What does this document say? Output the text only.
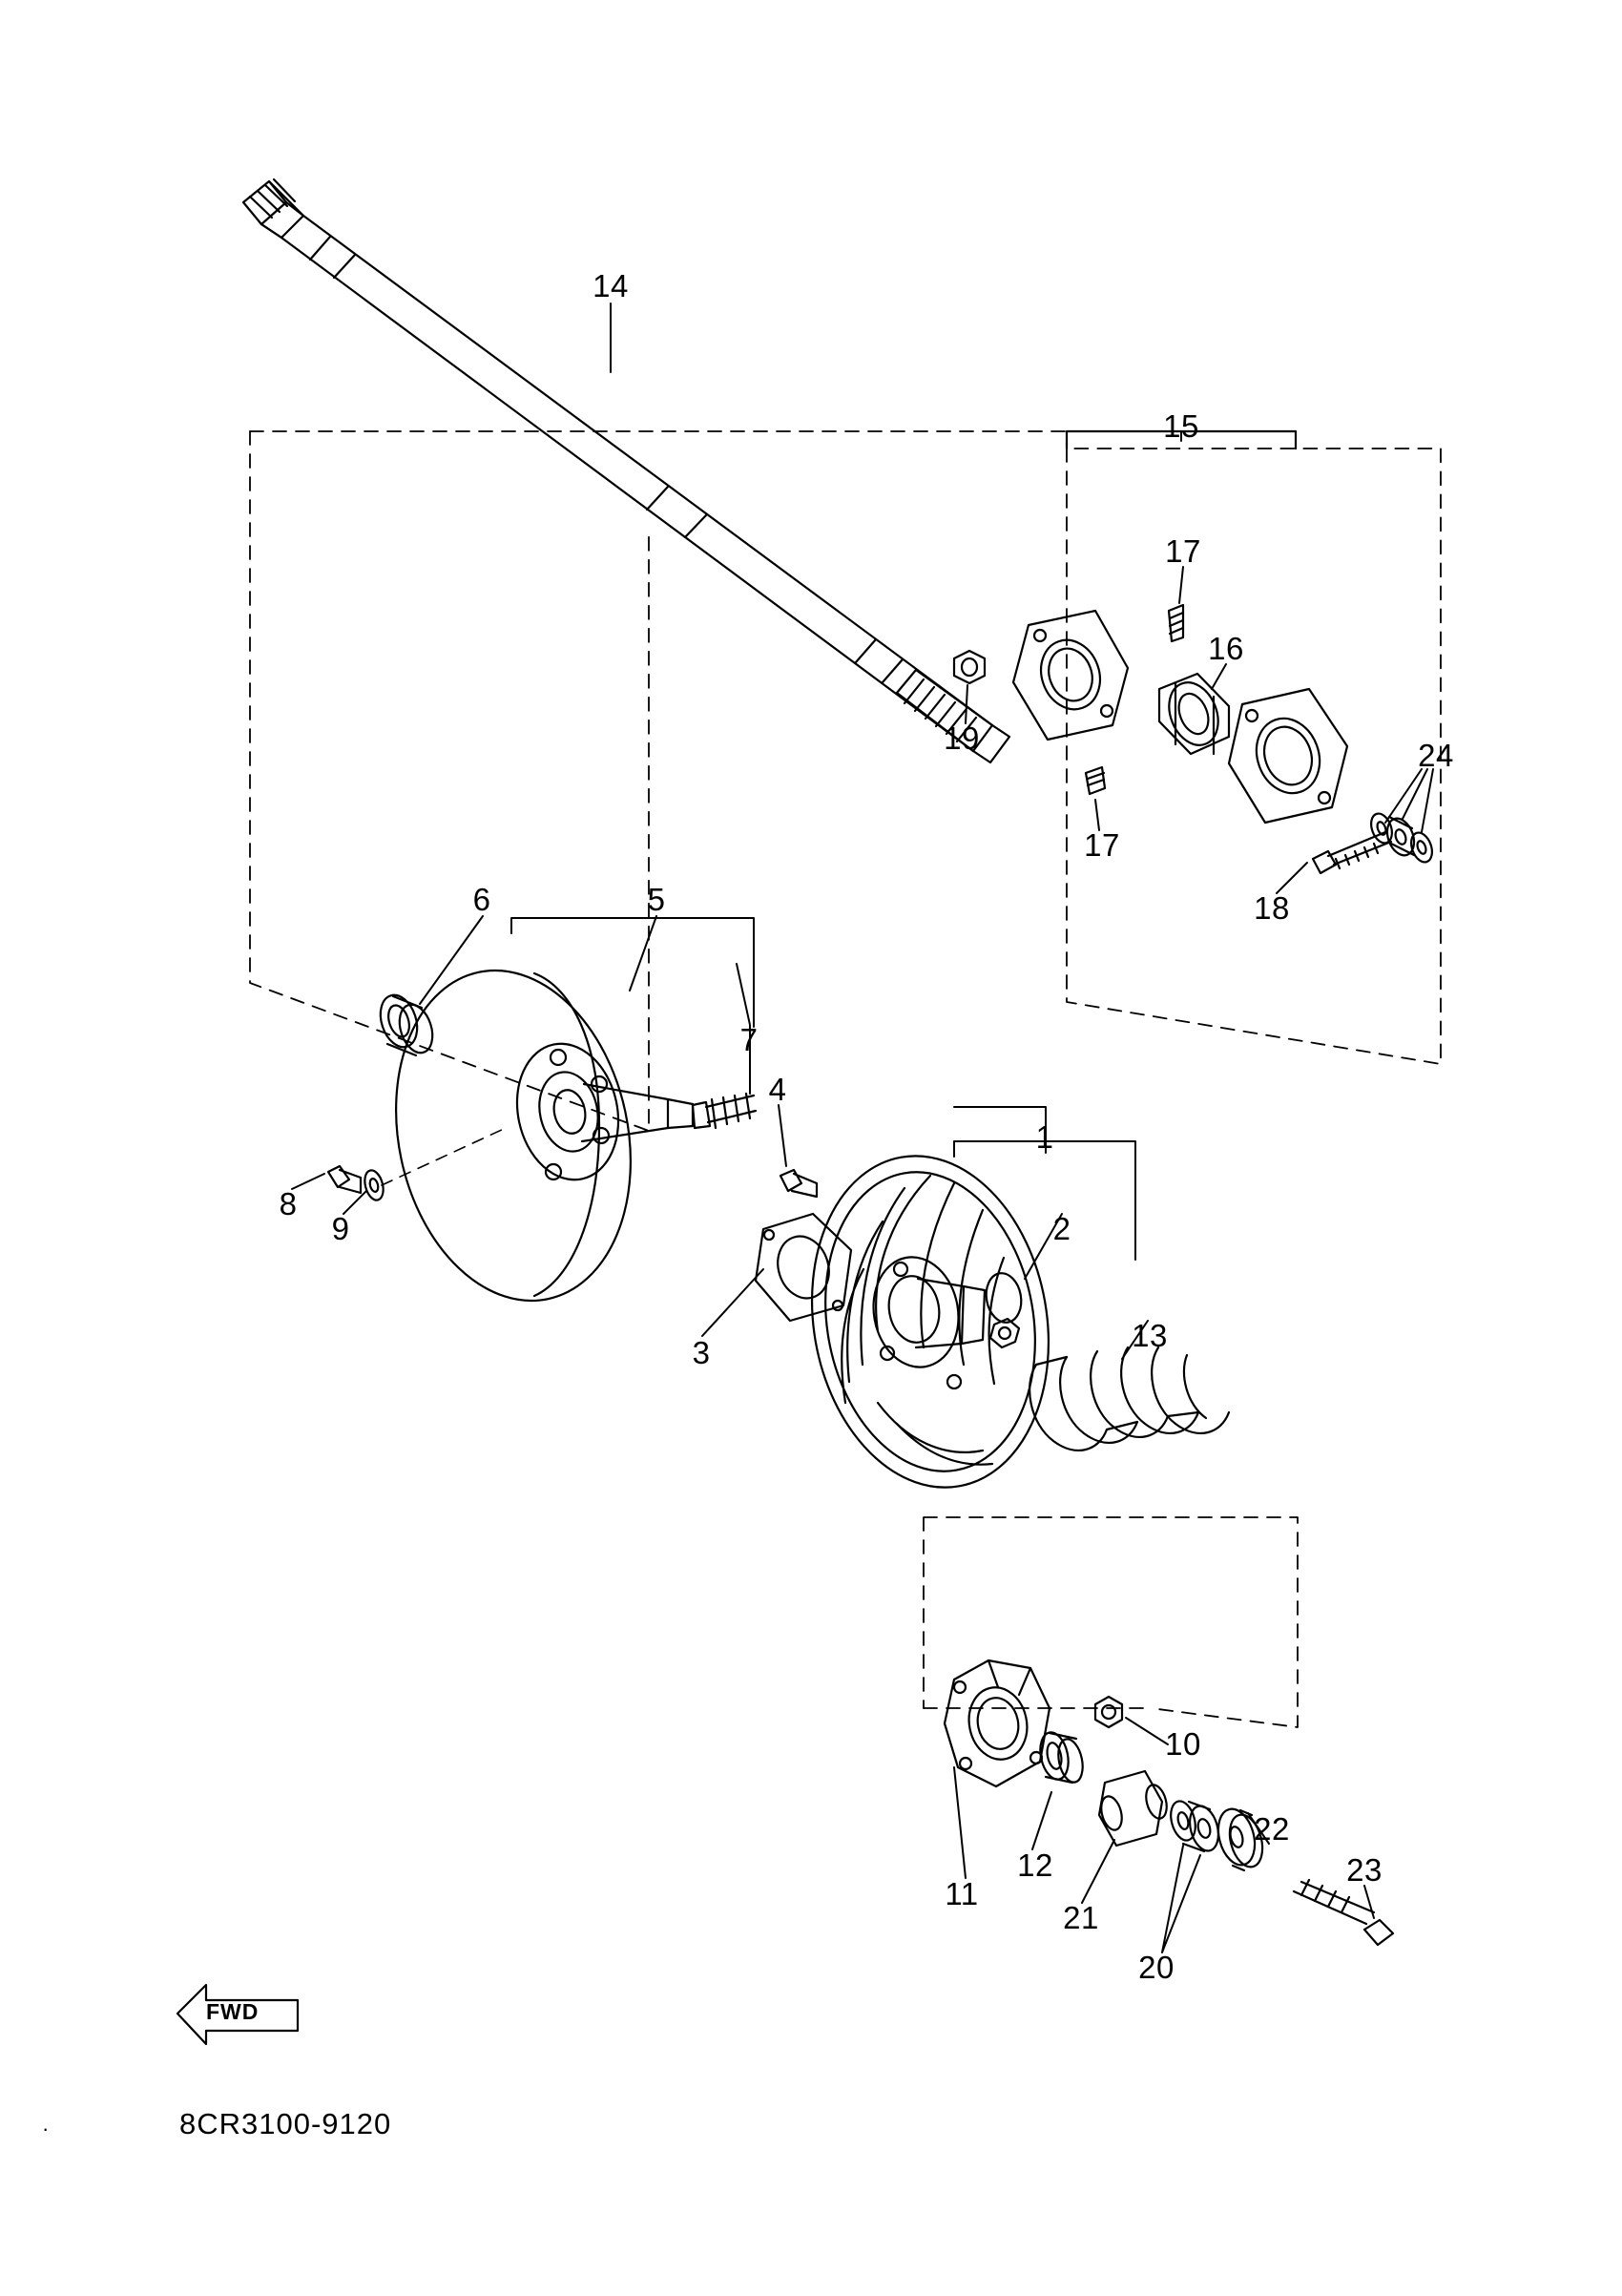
FWD
8CR3100-9120
·
14
15
17
16
19
17
24
18
6	5
7
4
1
8
9
3
2
13
10
12
11
22
21
20
23
